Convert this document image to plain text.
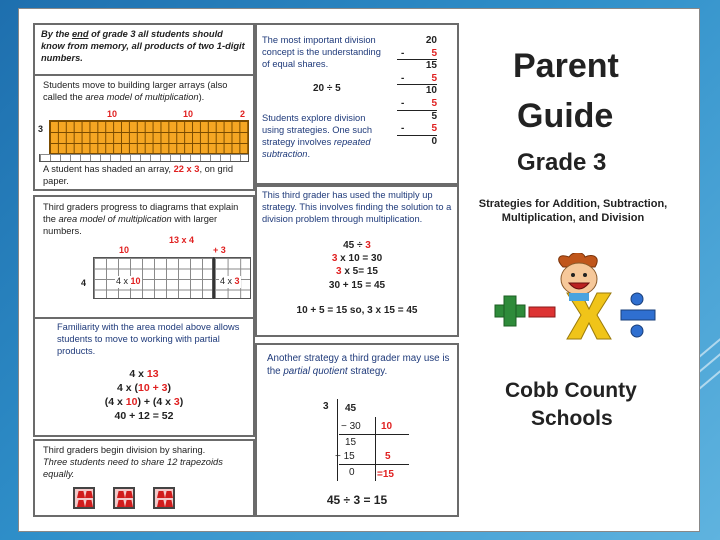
By the end of grade 3 all students should know from memory, all products of two 1-digit numbers.

Students move to building larger arrays (also called the area model of multiplication).

10	10	2
3

A student has shaded an array, 22 x 3, on grid paper.

Third graders progress to diagrams that explain the area model of multiplication with larger numbers.

13 x 4
10	+ 3
4	4 x 10	4 x 3

Familiarity with the area model above allows students to move to working with partial products.

4 x 13
4 x (10 + 3)
(4 x 10) + (4 x 3)
40 + 12 = 52

Third graders begin division by sharing.
Three students need to share 12 trapezoids equally.

The most important division concept is the understanding of equal shares.

20 ÷ 5

Students explore division using strategies. One such strategy involves repeated subtraction.

20
-	5
15
-	5
10
-	5
5
-	5
0

This third grader has used the multiply up strategy. This involves finding the solution to a division problem through multiplication.

45 ÷ 3
3 x 10 = 30
3 x 5= 15
30 + 15 = 45
10 + 5 = 15 so, 3 x 15 = 45

Another strategy a third grader may use is the partial quotient strategy.

3 45
− 30 10
15
− 15	5
0 =15
45 ÷ 3 = 15
Parent
Guide
Grade 3
Strategies for Addition, Subtraction, Multiplication, and Division
Cobb County
Schools
